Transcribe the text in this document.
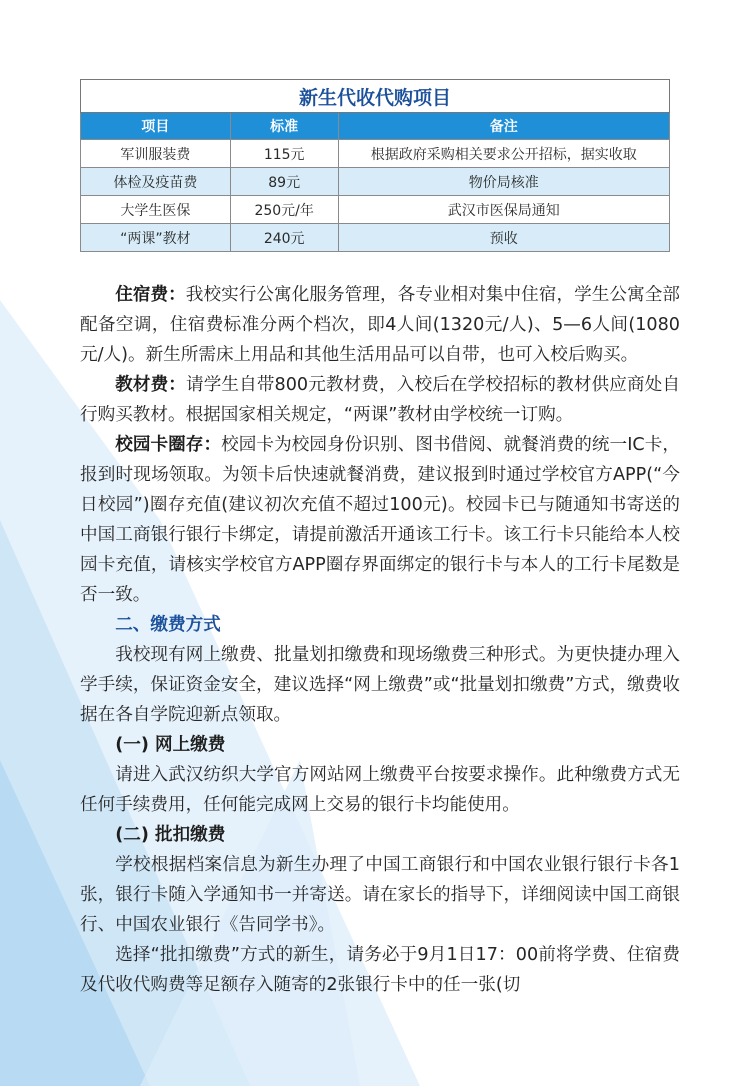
新生代收代购项目		
项目	标准	备注
军训服装费	115元	根据政府采购相关要求公开招标，据实收取
体检及疫苗费	89元	物价局核准
大学生医保	250元/年	武汉市医保局通知
“两课”教材	240元	预收

住宿费：我校实行公寓化服务管理，各专业相对集中住宿，学生公寓全部配备空调，住宿费标准分两个档次，即4人间(1320元/人)、5—6人间(1080元/人)。新生所需床上用品和其他生活用品可以自带，也可入校后购买。

教材费：请学生自带800元教材费，入校后在学校招标的教材供应商处自行购买教材。根据国家相关规定，“两课”教材由学校统一订购。

校园卡圈存：校园卡为校园身份识别、图书借阅、就餐消费的统一IC卡，报到时现场领取。为领卡后快速就餐消费，建议报到时通过学校官方APP(“今日校园”)圈存充值(建议初次充值不超过100元)。校园卡已与随通知书寄送的中国工商银行银行卡绑定，请提前激活开通该工行卡。该工行卡只能给本人校园卡充值，请核实学校官方APP圈存界面绑定的银行卡与本人的工行卡尾数是否一致。

二、缴费方式

我校现有网上缴费、批量划扣缴费和现场缴费三种形式。为更快捷办理入学手续，保证资金安全，建议选择“网上缴费”或“批量划扣缴费”方式，缴费收据在各自学院迎新点领取。

(一) 网上缴费

请进入武汉纺织大学官方网站网上缴费平台按要求操作。此种缴费方式无任何手续费用，任何能完成网上交易的银行卡均能使用。

(二) 批扣缴费

学校根据档案信息为新生办理了中国工商银行和中国农业银行银行卡各1张，银行卡随入学通知书一并寄送。请在家长的指导下，详细阅读中国工商银行、中国农业银行《告同学书》。

选择“批扣缴费”方式的新生，请务必于9月1日17：00前将学费、住宿费及代收代购费等足额存入随寄的2张银行卡中的任一张(切
